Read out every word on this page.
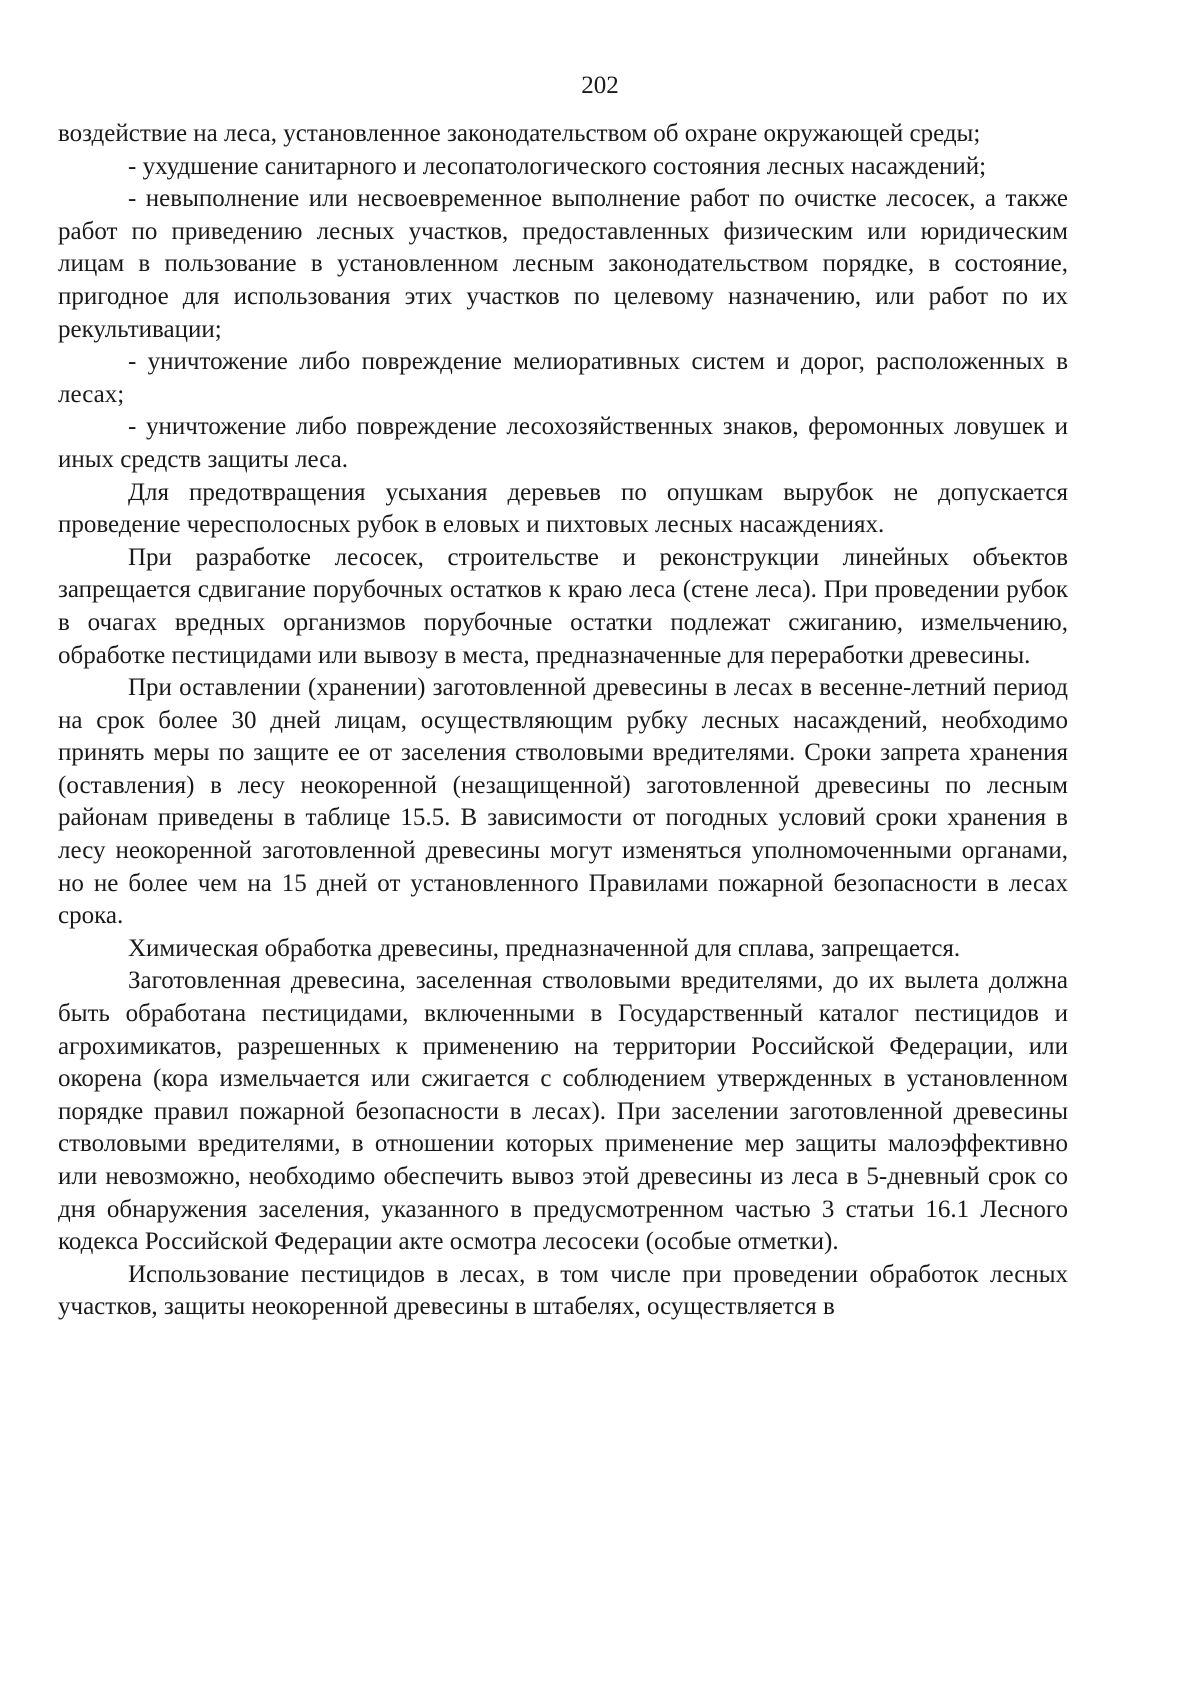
202

воздействие на леса, установленное законодательством об охране окружающей среды;

- ухудшение санитарного и лесопатологического состояния лесных насаждений;

- невыполнение или несвоевременное выполнение работ по очистке лесосек, а также работ по приведению лесных участков, предоставленных физическим или юридическим лицам в пользование в установленном лесным законодательством порядке, в состояние, пригодное для использования этих участков по целевому назначению, или работ по их рекультивации;

- уничтожение либо повреждение мелиоративных систем и дорог, расположенных в лесах;

- уничтожение либо повреждение лесохозяйственных знаков, феромонных ловушек и иных средств защиты леса.

Для предотвращения усыхания деревьев по опушкам вырубок не допускается проведение чересполосных рубок в еловых и пихтовых лесных насаждениях.

При разработке лесосек, строительстве и реконструкции линейных объектов запрещается сдвигание порубочных остатков к краю леса (стене леса). При проведении рубок в очагах вредных организмов порубочные остатки подлежат сжиганию, измельчению, обработке пестицидами или вывозу в места, предназначенные для переработки древесины.

При оставлении (хранении) заготовленной древесины в лесах в весенне-летний период на срок более 30 дней лицам, осуществляющим рубку лесных насаждений, необходимо принять меры по защите ее от заселения стволовыми вредителями. Сроки запрета хранения (оставления) в лесу неокоренной (незащищенной) заготовленной древесины по лесным районам приведены в таблице 15.5. В зависимости от погодных условий сроки хранения в лесу неокоренной заготовленной древесины могут изменяться уполномоченными органами, но не более чем на 15 дней от установленного Правилами пожарной безопасности в лесах срока.

Химическая обработка древесины, предназначенной для сплава, запрещается.

Заготовленная древесина, заселенная стволовыми вредителями, до их вылета должна быть обработана пестицидами, включенными в Государственный каталог пестицидов и агрохимикатов, разрешенных к применению на территории Российской Федерации, или окорена (кора измельчается или сжигается с соблюдением утвержденных в установленном порядке правил пожарной безопасности в лесах). При заселении заготовленной древесины стволовыми вредителями, в отношении которых применение мер защиты малоэффективно или невозможно, необходимо обеспечить вывоз этой древесины из леса в 5-дневный срок со дня обнаружения заселения, указанного в предусмотренном частью 3 статьи 16.1 Лесного кодекса Российской Федерации акте осмотра лесосеки (особые отметки).

Использование пестицидов в лесах, в том числе при проведении обработок лесных участков, защиты неокоренной древесины в штабелях, осуществляется в
